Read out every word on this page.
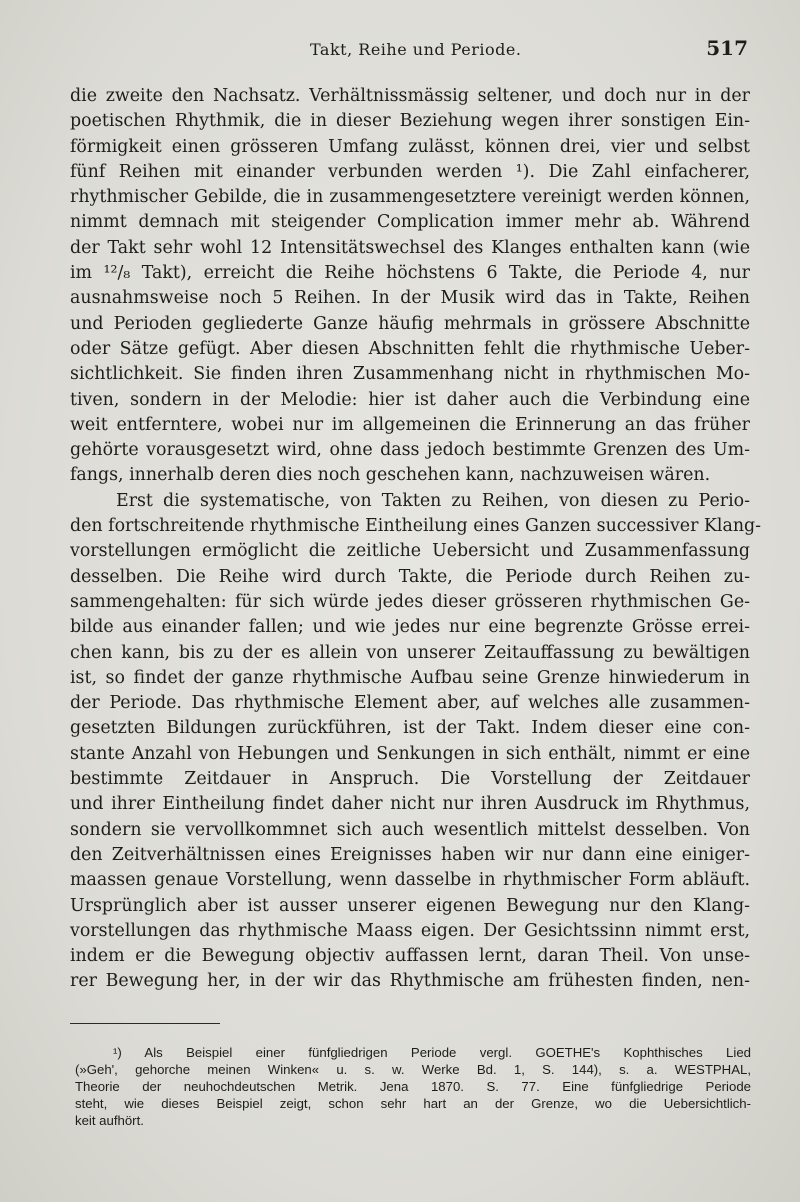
Takt, Reihe und Periode.	517
die zweite den Nachsatz. Verhältnissmässig seltener, und doch nur in der
poetischen Rhythmik, die in dieser Beziehung wegen ihrer sonstigen Ein-
förmigkeit einen grösseren Umfang zulässt, können drei, vier und selbst
fünf Reihen mit einander verbunden werden ¹). Die Zahl einfacherer,
rhythmischer Gebilde, die in zusammengesetztere vereinigt werden können,
nimmt demnach mit steigender Complication immer mehr ab. Während
der Takt sehr wohl 12 Intensitätswechsel des Klanges enthalten kann (wie
im ¹²/₈ Takt), erreicht die Reihe höchstens 6 Takte, die Periode 4, nur
ausnahmsweise noch 5 Reihen. In der Musik wird das in Takte, Reihen
und Perioden gegliederte Ganze häufig mehrmals in grössere Abschnitte
oder Sätze gefügt. Aber diesen Abschnitten fehlt die rhythmische Ueber-
sichtlichkeit. Sie finden ihren Zusammenhang nicht in rhythmischen Mo-
tiven, sondern in der Melodie: hier ist daher auch die Verbindung eine
weit entferntere, wobei nur im allgemeinen die Erinnerung an das früher
gehörte vorausgesetzt wird, ohne dass jedoch bestimmte Grenzen des Um-
fangs, innerhalb deren dies noch geschehen kann, nachzuweisen wären.
Erst die systematische, von Takten zu Reihen, von diesen zu Perio-
den fortschreitende rhythmische Eintheilung eines Ganzen successiver Klang-
vorstellungen ermöglicht die zeitliche Uebersicht und Zusammenfassung
desselben. Die Reihe wird durch Takte, die Periode durch Reihen zu-
sammengehalten: für sich würde jedes dieser grösseren rhythmischen Ge-
bilde aus einander fallen; und wie jedes nur eine begrenzte Grösse errei-
chen kann, bis zu der es allein von unserer Zeitauffassung zu bewältigen
ist, so findet der ganze rhythmische Aufbau seine Grenze hinwiederum in
der Periode. Das rhythmische Element aber, auf welches alle zusammen-
gesetzten Bildungen zurückführen, ist der Takt. Indem dieser eine con-
stante Anzahl von Hebungen und Senkungen in sich enthält, nimmt er eine
bestimmte Zeitdauer in Anspruch. Die Vorstellung der Zeitdauer
und ihrer Eintheilung findet daher nicht nur ihren Ausdruck im Rhythmus,
sondern sie vervollkommnet sich auch wesentlich mittelst desselben. Von
den Zeitverhältnissen eines Ereignisses haben wir nur dann eine einiger-
maassen genaue Vorstellung, wenn dasselbe in rhythmischer Form abläuft.
Ursprünglich aber ist ausser unserer eigenen Bewegung nur den Klang-
vorstellungen das rhythmische Maass eigen. Der Gesichtssinn nimmt erst,
indem er die Bewegung objectiv auffassen lernt, daran Theil. Von unse-
rer Bewegung her, in der wir das Rhythmische am frühesten finden, nen-
¹) Als Beispiel einer fünfgliedrigen Periode vergl. GOETHE's Kophthisches Lied
(»Geh', gehorche meinen Winken« u. s. w. Werke Bd. 1, S. 144), s. a. WESTPHAL,
Theorie der neuhochdeutschen Metrik. Jena 1870. S. 77. Eine fünfgliedrige Periode
steht, wie dieses Beispiel zeigt, schon sehr hart an der Grenze, wo die Uebersichtlich-
keit aufhört.
